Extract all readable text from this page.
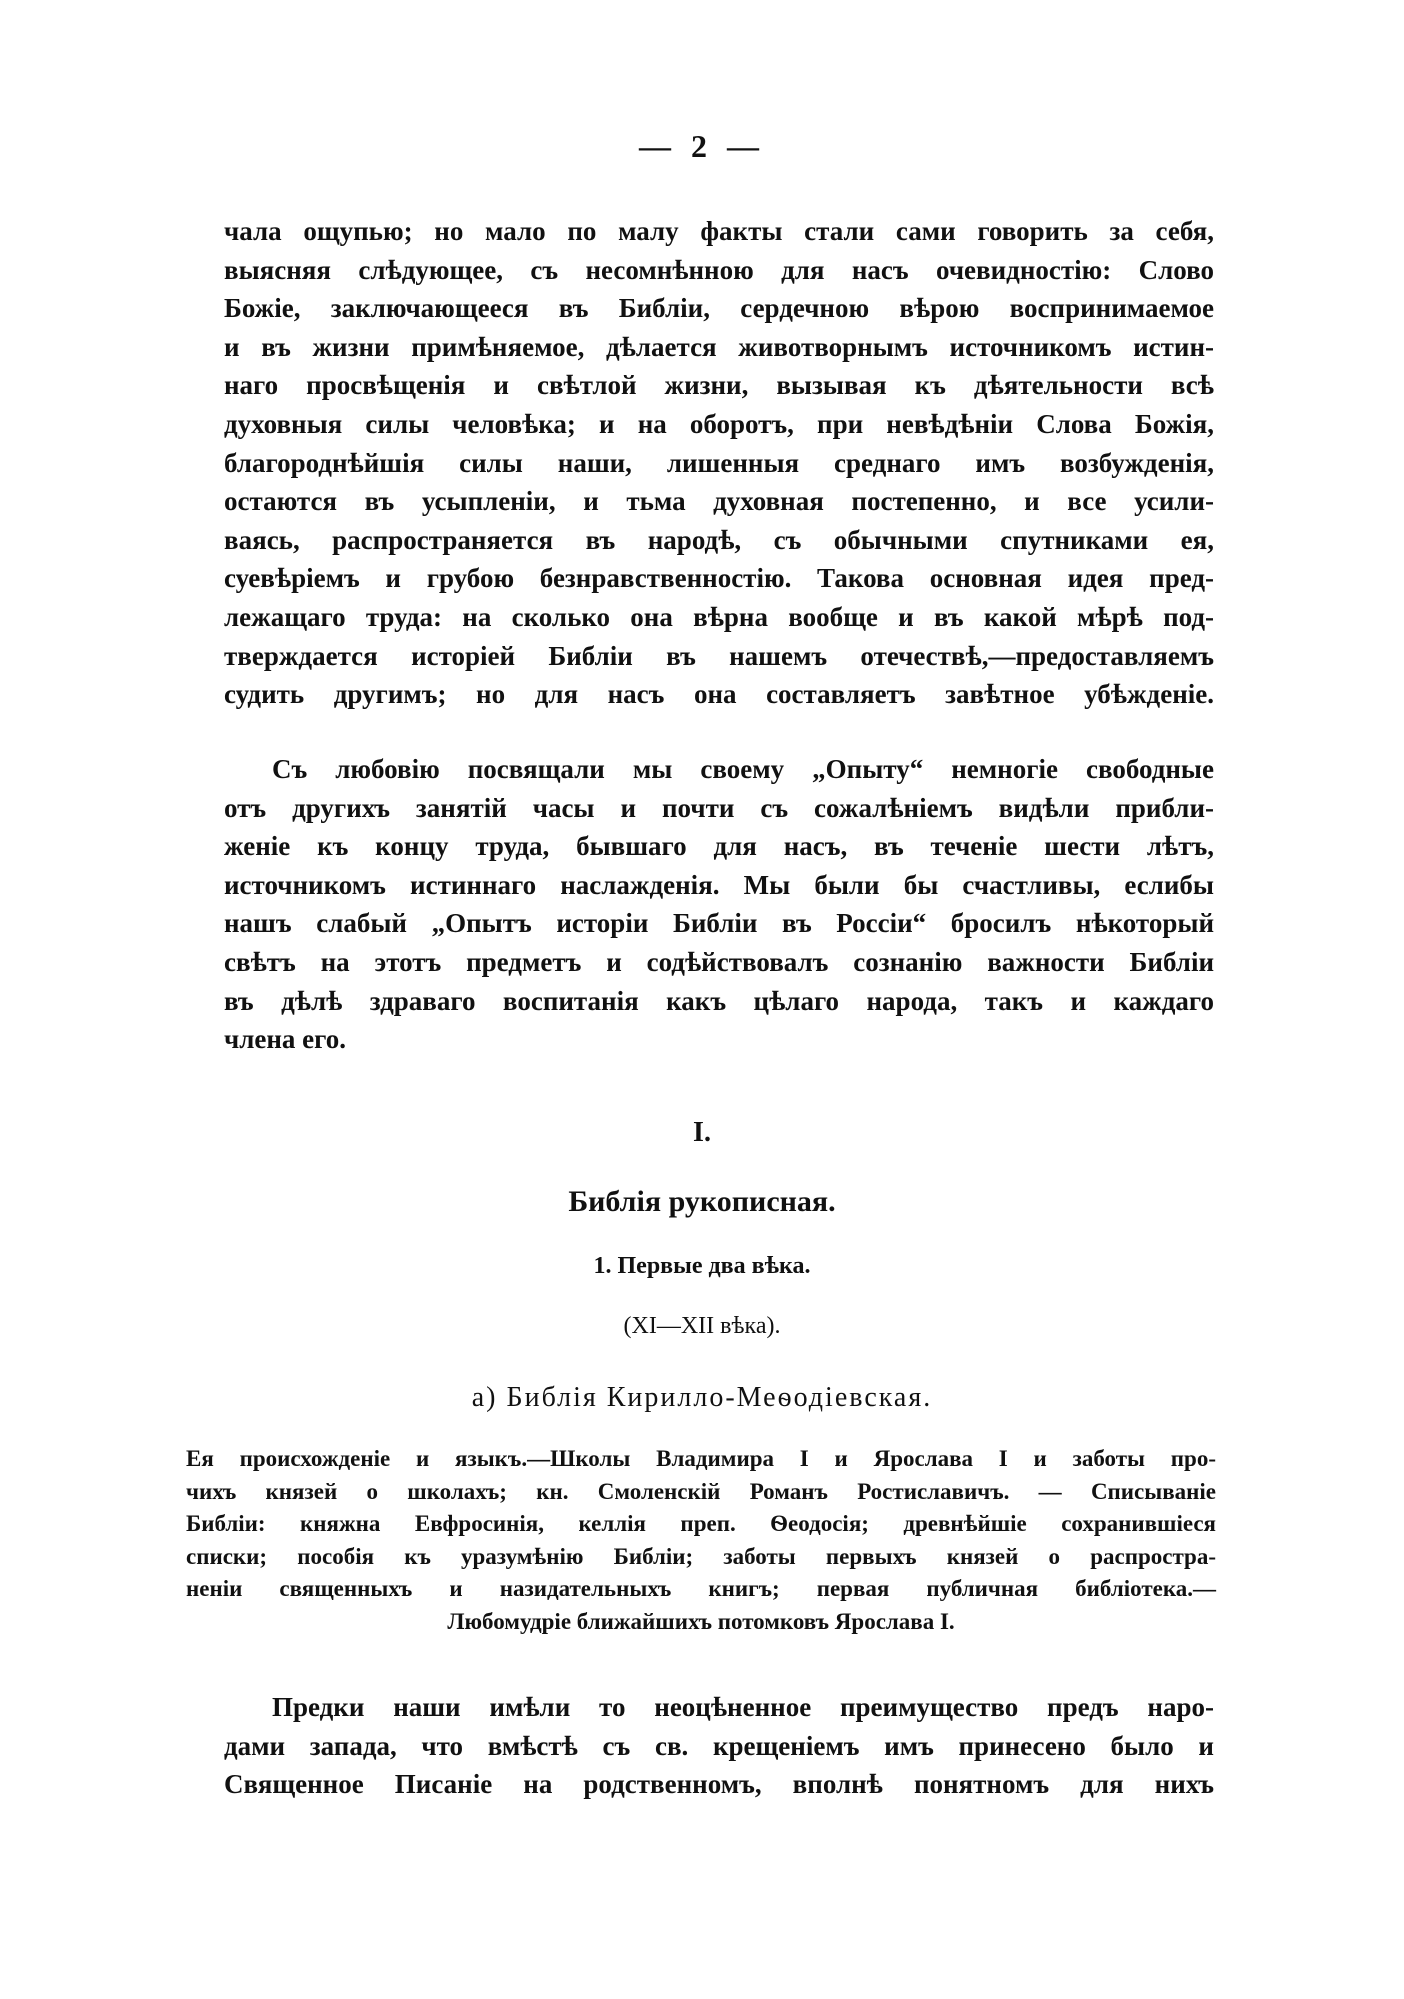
— 2 —
чала ощупью; но мало по малу факты стали сами говорить за себя,
выясняя слѣдующее, съ несомнѣнною для насъ очевидностію: Слово
Божіе, заключающееся въ Библіи, сердечною вѣрою воспринимаемое
и въ жизни примѣняемое, дѣлается животворнымъ источникомъ истин-
наго просвѣщенія и свѣтлой жизни, вызывая къ дѣятельности всѣ
духовныя силы человѣка; и на оборотъ, при невѣдѣніи Слова Божія,
благороднѣйшія силы наши, лишенныя среднаго имъ возбужденія,
остаются въ усыпленіи, и тьма духовная постепенно, и все усили-
ваясь, распространяется въ народѣ, съ обычными спутниками ея,
суевѣріемъ и грубою безнравственностію. Такова основная идея пред-
лежащаго труда: на сколько она вѣрна вообще и въ какой мѣрѣ под-
тверждается исторіей Библіи въ нашемъ отечествѣ,—предоставляемъ
судить другимъ; но для насъ она составляетъ завѣтное убѣжденіе.
Съ любовію посвящали мы своему „Опыту“ немногіе свободные
отъ другихъ занятій часы и почти съ сожалѣніемъ видѣли прибли-
женіе къ концу труда, бывшаго для насъ, въ теченіе шести лѣтъ,
источникомъ истиннаго наслажденія. Мы были бы счастливы, еслибы
нашъ слабый „Опытъ исторіи Библіи въ Россіи“ бросилъ нѣкоторый
свѣтъ на этотъ предметъ и содѣйствовалъ сознанію важности Библіи
въ дѣлѣ здраваго воспитанія какъ цѣлаго народа, такъ и каждаго
члена его.
I.
Библія рукописная.
1. Первые два вѣка.
(XI—XII вѣка).
а) Библія Кирилло-Меѳодіевская.
Ея происхожденіе и языкъ.—Школы Владимира I и Ярослава I и заботы про-
чихъ князей о школахъ; кн. Смоленскій Романъ Ростиславичъ. — Списываніе
Библіи: княжна Евфросинія, келлія преп. Ѳеодосія; древнѣйшіе сохранившіеся
списки; пособія къ уразумѣнію Библіи; заботы первыхъ князей о распростра-
неніи священныхъ и назидательныхъ книгъ; первая публичная библіотека.—
Любомудріе ближайшихъ потомковъ Ярослава I.
Предки наши имѣли то неоцѣненное преимущество предъ наро-
дами запада, что вмѣстѣ съ св. крещеніемъ имъ принесено было и
Священное Писаніе на родственномъ, вполнѣ понятномъ для нихъ
